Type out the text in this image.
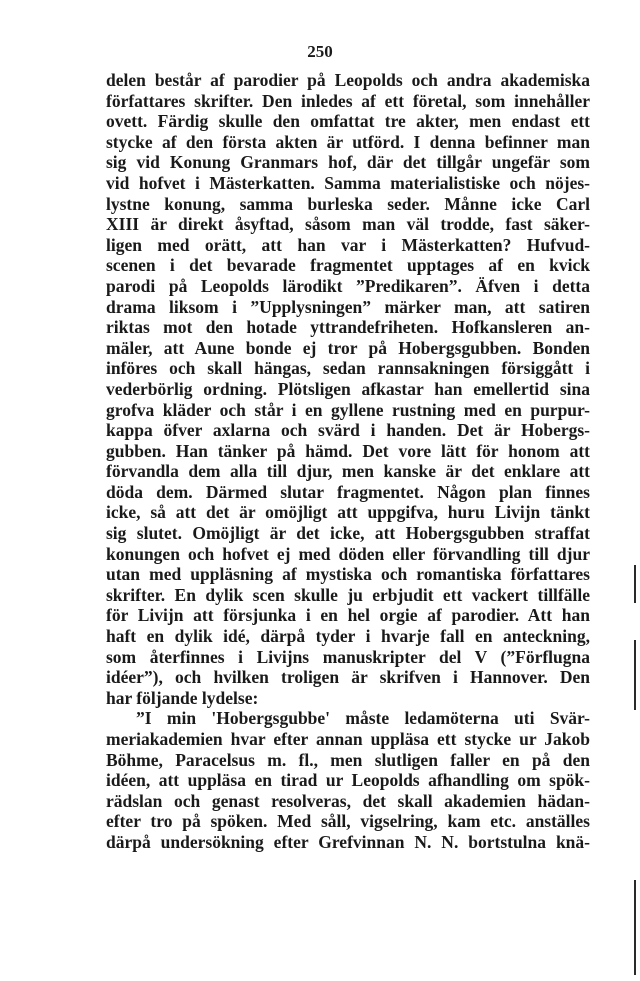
250
delen består af parodier på Leopolds och andra akademiska
författares skrifter. Den inledes af ett företal, som innehåller
ovett. Färdig skulle den omfattat tre akter, men endast ett
stycke af den första akten är utförd. I denna befinner man
sig vid Konung Granmars hof, där det tillgår ungefär som
vid hofvet i Mästerkatten. Samma materialistiske och nöjes-
lystne konung, samma burleska seder. Månne icke Carl
XIII är direkt åsyftad, såsom man väl trodde, fast säker-
ligen med orätt, att han var i Mästerkatten? Hufvud-
scenen i det bevarade fragmentet upptages af en kvick
parodi på Leopolds lärodikt ”Predikaren”. Äfven i detta
drama liksom i ”Upplysningen” märker man, att satiren
riktas mot den hotade yttrandefriheten. Hofkansleren an-
mäler, att Aune bonde ej tror på Hobergsgubben. Bonden
införes och skall hängas, sedan rannsakningen försiggått i
vederbörlig ordning. Plötsligen afkastar han emellertid sina
grofva kläder och står i en gyllene rustning med en purpur-
kappa öfver axlarna och svärd i handen. Det är Hobergs-
gubben. Han tänker på hämd. Det vore lätt för honom att
förvandla dem alla till djur, men kanske är det enklare att
döda dem. Därmed slutar fragmentet. Någon plan finnes
icke, så att det är omöjligt att uppgifva, huru Livijn tänkt
sig slutet. Omöjligt är det icke, att Hobergsgubben straffat
konungen och hofvet ej med döden eller förvandling till djur
utan med uppläsning af mystiska och romantiska författares
skrifter. En dylik scen skulle ju erbjudit ett vackert tillfälle
för Livijn att försjunka i en hel orgie af parodier. Att han
haft en dylik idé, därpå tyder i hvarje fall en anteckning,
som återfinnes i Livijns manuskripter del V (”Förflugna
idéer”), och hvilken troligen är skrifven i Hannover. Den
har följande lydelse:
”I min 'Hobergsgubbe' måste ledamöterna uti Svär-
meriakademien hvar efter annan uppläsa ett stycke ur Jakob
Böhme, Paracelsus m. fl., men slutligen faller en på den
idéen, att uppläsa en tirad ur Leopolds afhandling om spök-
rädslan och genast resolveras, det skall akademien hädan-
efter tro på spöken. Med såll, vigselring, kam etc. anställes
därpå undersökning efter Grefvinnan N. N. bortstulna knä-
